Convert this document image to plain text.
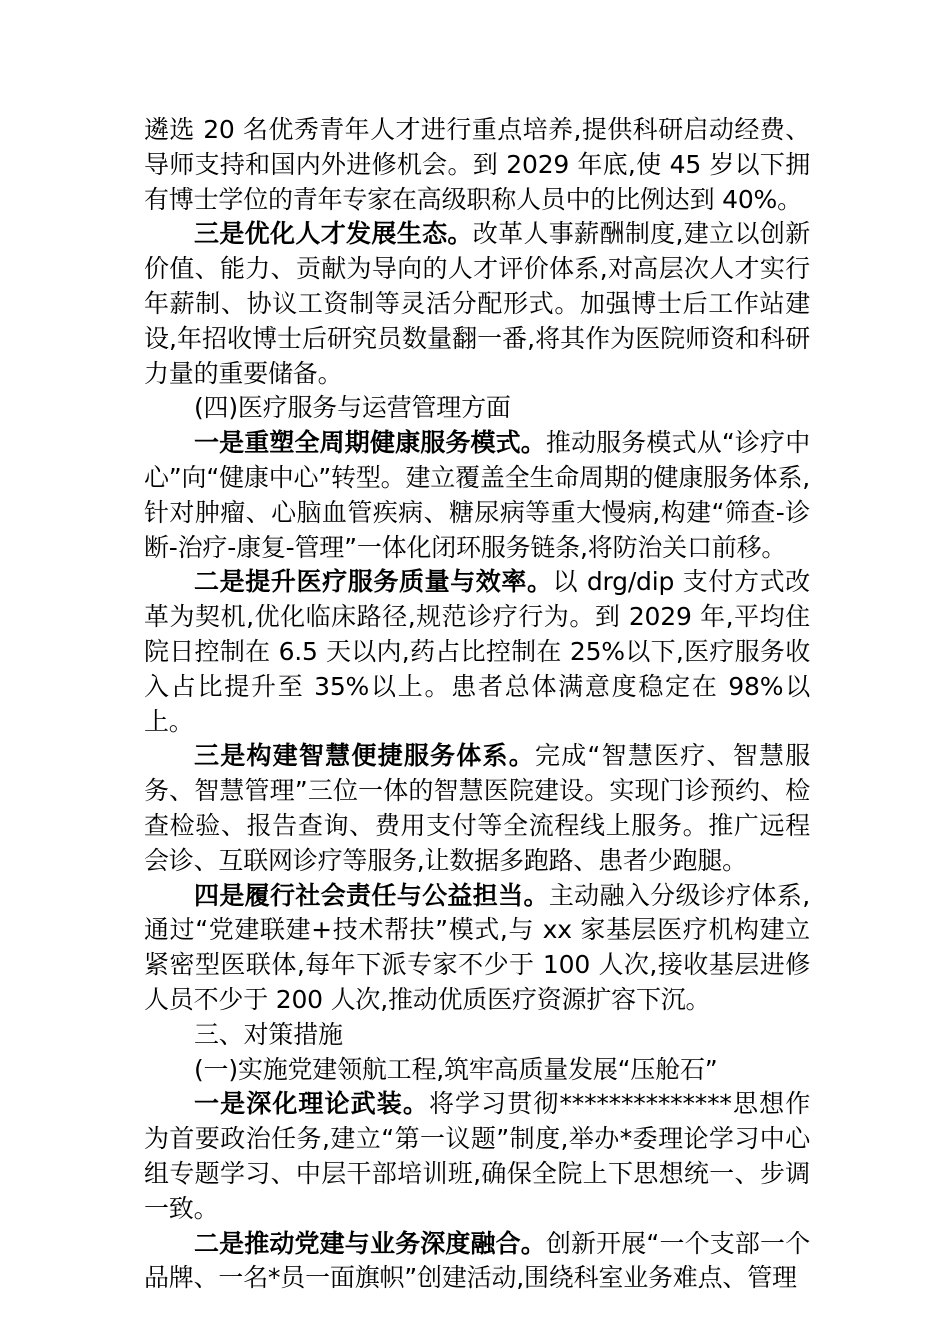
遴选 20 名优秀青年人才进行重点培养,提供科研启动经费、导师支持和国内外进修机会。到 2029 年底,使 45 岁以下拥有博士学位的青年专家在高级职称人员中的比例达到 40%。

三是优化人才发展生态。改革人事薪酬制度,建立以创新价值、能力、贡献为导向的人才评价体系,对高层次人才实行年薪制、协议工资制等灵活分配形式。加强博士后工作站建设,年招收博士后研究员数量翻一番,将其作为医院师资和科研力量的重要储备。

(四)医疗服务与运营管理方面

一是重塑全周期健康服务模式。推动服务模式从“诊疗中心”向“健康中心”转型。建立覆盖全生命周期的健康服务体系,针对肿瘤、心脑血管疾病、糖尿病等重大慢病,构建“筛查-诊断-治疗-康复-管理”一体化闭环服务链条,将防治关口前移。

二是提升医疗服务质量与效率。以 drg/dip 支付方式改革为契机,优化临床路径,规范诊疗行为。到 2029 年,平均住院日控制在 6.5 天以内,药占比控制在 25%以下,医疗服务收入占比提升至 35%以上。患者总体满意度稳定在 98%以上。

三是构建智慧便捷服务体系。完成“智慧医疗、智慧服务、智慧管理”三位一体的智慧医院建设。实现门诊预约、检查检验、报告查询、费用支付等全流程线上服务。推广远程会诊、互联网诊疗等服务,让数据多跑路、患者少跑腿。

四是履行社会责任与公益担当。主动融入分级诊疗体系,通过“党建联建+技术帮扶”模式,与 xx 家基层医疗机构建立紧密型医联体,每年下派专家不少于 100 人次,接收基层进修人员不少于 200 人次,推动优质医疗资源扩容下沉。

三、对策措施

(一)实施党建领航工程,筑牢高质量发展“压舱石”

一是深化理论武装。将学习贯彻**************思想作为首要政治任务,建立“第一议题”制度,举办*委理论学习中心组专题学习、中层干部培训班,确保全院上下思想统一、步调一致。

二是推动党建与业务深度融合。创新开展“一个支部一个品牌、一名*员一面旗帜”创建活动,围绕科室业务难点、管理
